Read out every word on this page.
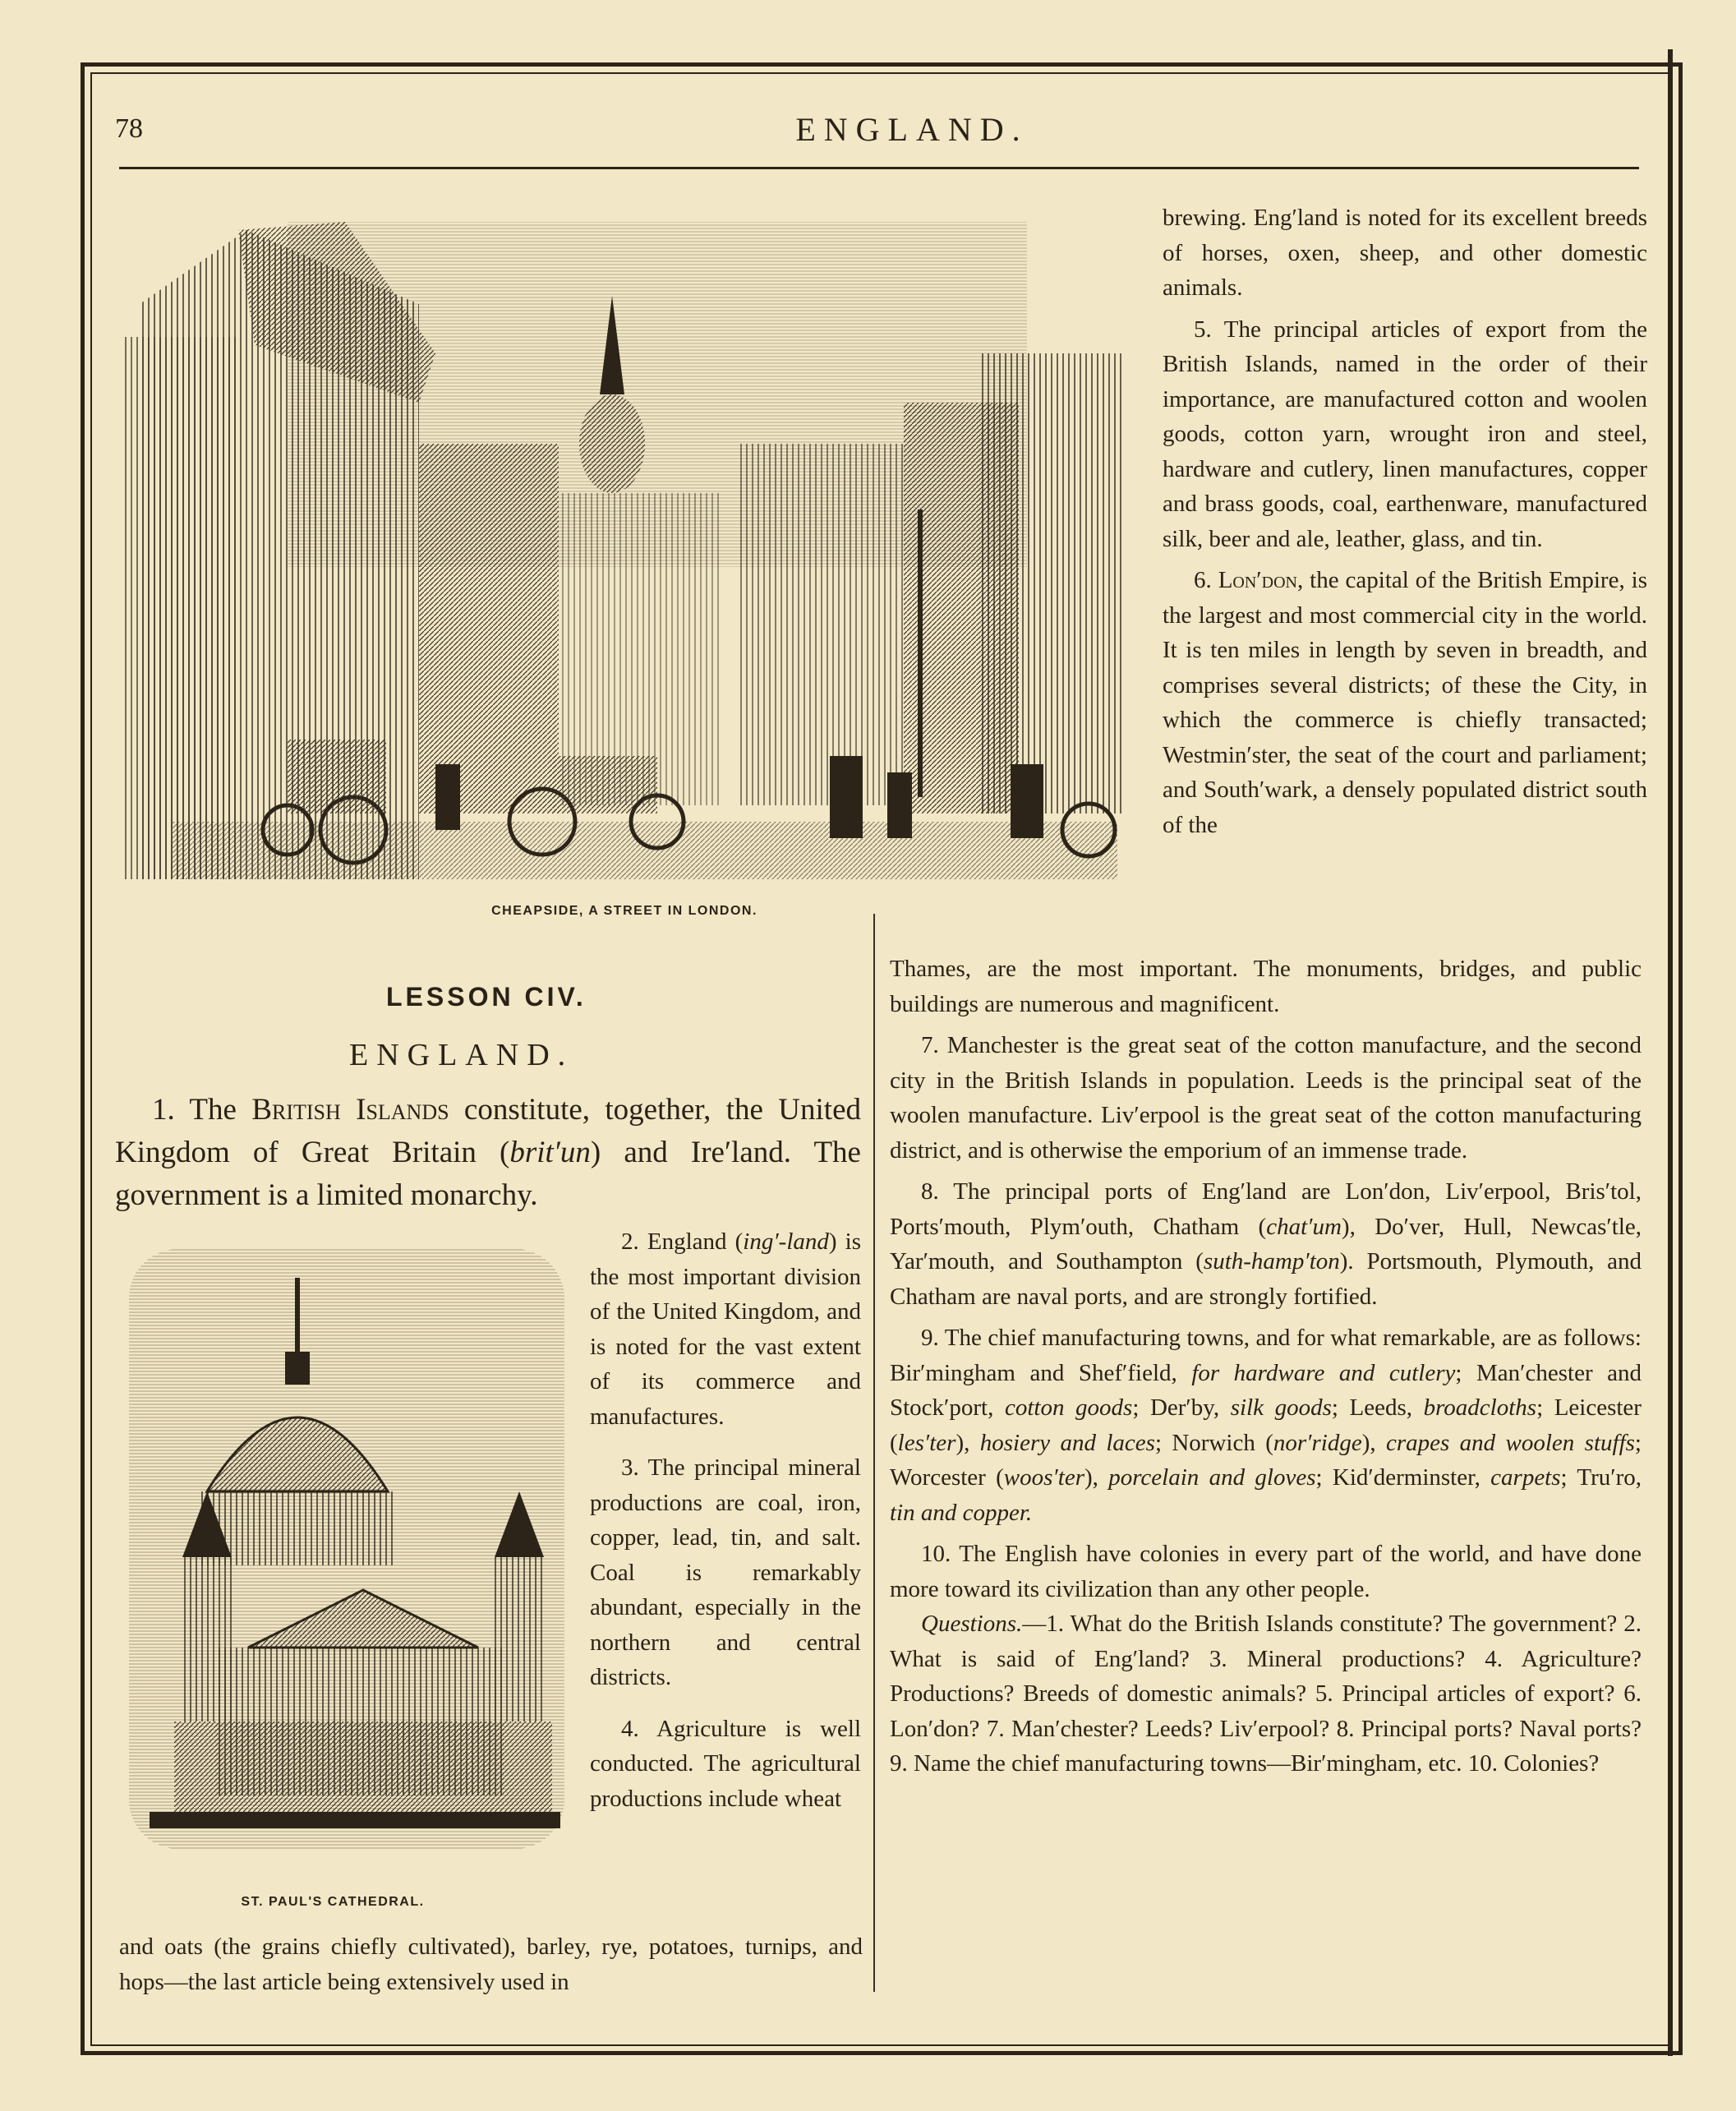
78	ENGLAND.
CHEAPSIDE, A STREET IN LONDON.

brewing. Eng′land is noted for its excellent breeds of horses, oxen, sheep, and other domestic animals.

5. The principal articles of export from the British Islands, named in the order of their importance, are manufactured cotton and woolen goods, cotton yarn, wrought iron and steel, hardware and cutlery, linen manufactures, copper and brass goods, coal, earthenware, manufactured silk, beer and ale, leather, glass, and tin.

6. Lon′don, the capital of the British Empire, is the largest and most commercial city in the world. It is ten miles in length by seven in breadth, and comprises several districts; of these the City, in which the commerce is chiefly transacted; Westmin′ster, the seat of the court and parliament; and South′wark, a densely populated district south of the

Thames, are the most important. The monuments, bridges, and public buildings are numerous and magnificent.

7. Manchester is the great seat of the cotton manufacture, and the second city in the British Islands in population. Leeds is the principal seat of the woolen manufacture. Liv′erpool is the great seat of the cotton manufacturing district, and is otherwise the emporium of an immense trade.

8. The principal ports of Eng′land are Lon′don, Liv′erpool, Bris′tol, Ports′mouth, Plym′outh, Chatham (chat′um), Do′ver, Hull, Newcas′tle, Yar′mouth, and Southampton (suth-hamp′ton). Portsmouth, Plymouth, and Chatham are naval ports, and are strongly fortified.

9. The chief manufacturing towns, and for what remarkable, are as follows: Bir′mingham and Shef′field, for hardware and cutlery; Man′chester and Stock′port, cotton goods; Der′by, silk goods; Leeds, broadcloths; Leicester (les′ter), hosiery and laces; Norwich (nor′ridge), crapes and woolen stuffs; Worcester (woos′ter), porcelain and gloves; Kid′derminster, carpets; Tru′ro, tin and copper.

10. The English have colonies in every part of the world, and have done more toward its civilization than any other people.

Questions.—1. What do the British Islands constitute? The government? 2. What is said of Eng′land? 3. Mineral productions? 4. Agriculture? Productions? Breeds of domestic animals? 5. Principal articles of export? 6. Lon′don? 7. Man′chester? Leeds? Liv′erpool? 8. Principal ports? Naval ports? 9. Name the chief manufacturing towns—Bir′mingham, etc. 10. Colonies?

LESSON CIV.
ENGLAND.
1. The British Islands constitute, together, the United Kingdom of Great Britain (brit′un) and Ire′land. The government is a limited monarchy.
ST. PAUL'S CATHEDRAL.

2. England (ing′-land) is the most important division of the United Kingdom, and is noted for the vast extent of its commerce and manufactures.

3. The principal mineral productions are coal, iron, copper, lead, tin, and salt. Coal is remarkably abundant, especially in the northern and central districts.

4. Agriculture is well conducted. The agricultural productions include wheat

and oats (the grains chiefly cultivated), barley, rye, potatoes, turnips, and hops—the last article being extensively used in
